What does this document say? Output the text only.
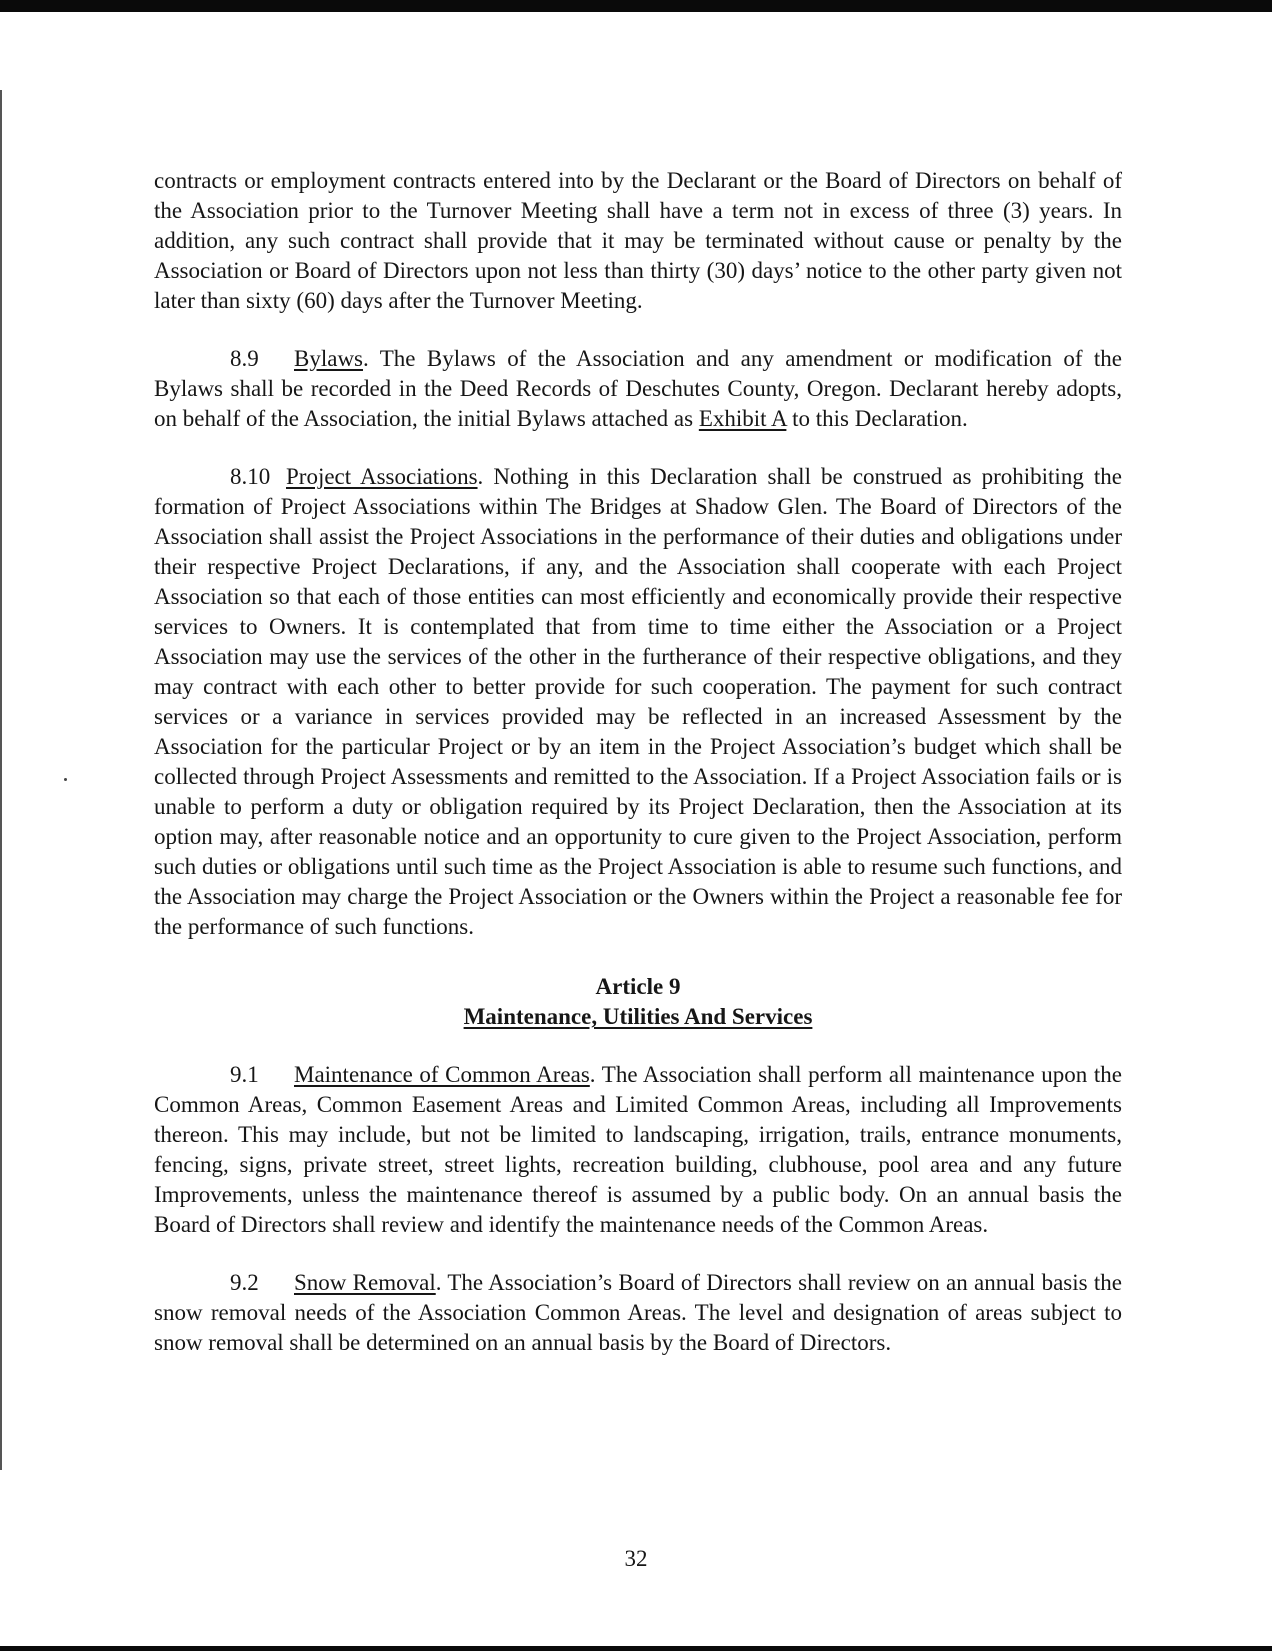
contracts or employment contracts entered into by the Declarant or the Board of Directors on behalf of the Association prior to the Turnover Meeting shall have a term not in excess of three (3) years. In addition, any such contract shall provide that it may be terminated without cause or penalty by the Association or Board of Directors upon not less than thirty (30) days’ notice to the other party given not later than sixty (60) days after the Turnover Meeting.

8.9 Bylaws. The Bylaws of the Association and any amendment or modification of the Bylaws shall be recorded in the Deed Records of Deschutes County, Oregon. Declarant hereby adopts, on behalf of the Association, the initial Bylaws attached as Exhibit A to this Declaration.

8.10 Project Associations. Nothing in this Declaration shall be construed as prohibiting the formation of Project Associations within The Bridges at Shadow Glen. The Board of Directors of the Association shall assist the Project Associations in the performance of their duties and obligations under their respective Project Declarations, if any, and the Association shall cooperate with each Project Association so that each of those entities can most efficiently and economically provide their respective services to Owners. It is contemplated that from time to time either the Association or a Project Association may use the services of the other in the furtherance of their respective obligations, and they may contract with each other to better provide for such cooperation. The payment for such contract services or a variance in services provided may be reflected in an increased Assessment by the Association for the particular Project or by an item in the Project Association’s budget which shall be collected through Project Assessments and remitted to the Association. If a Project Association fails or is unable to perform a duty or obligation required by its Project Declaration, then the Association at its option may, after reasonable notice and an opportunity to cure given to the Project Association, perform such duties or obligations until such time as the Project Association is able to resume such functions, and the Association may charge the Project Association or the Owners within the Project a reasonable fee for the performance of such functions.

Article 9
Maintenance, Utilities And Services

9.1 Maintenance of Common Areas. The Association shall perform all maintenance upon the Common Areas, Common Easement Areas and Limited Common Areas, including all Improvements thereon. This may include, but not be limited to landscaping, irrigation, trails, entrance monuments, fencing, signs, private street, street lights, recreation building, clubhouse, pool area and any future Improvements, unless the maintenance thereof is assumed by a public body. On an annual basis the Board of Directors shall review and identify the maintenance needs of the Common Areas.

9.2 Snow Removal. The Association’s Board of Directors shall review on an annual basis the snow removal needs of the Association Common Areas. The level and designation of areas subject to snow removal shall be determined on an annual basis by the Board of Directors.

32
